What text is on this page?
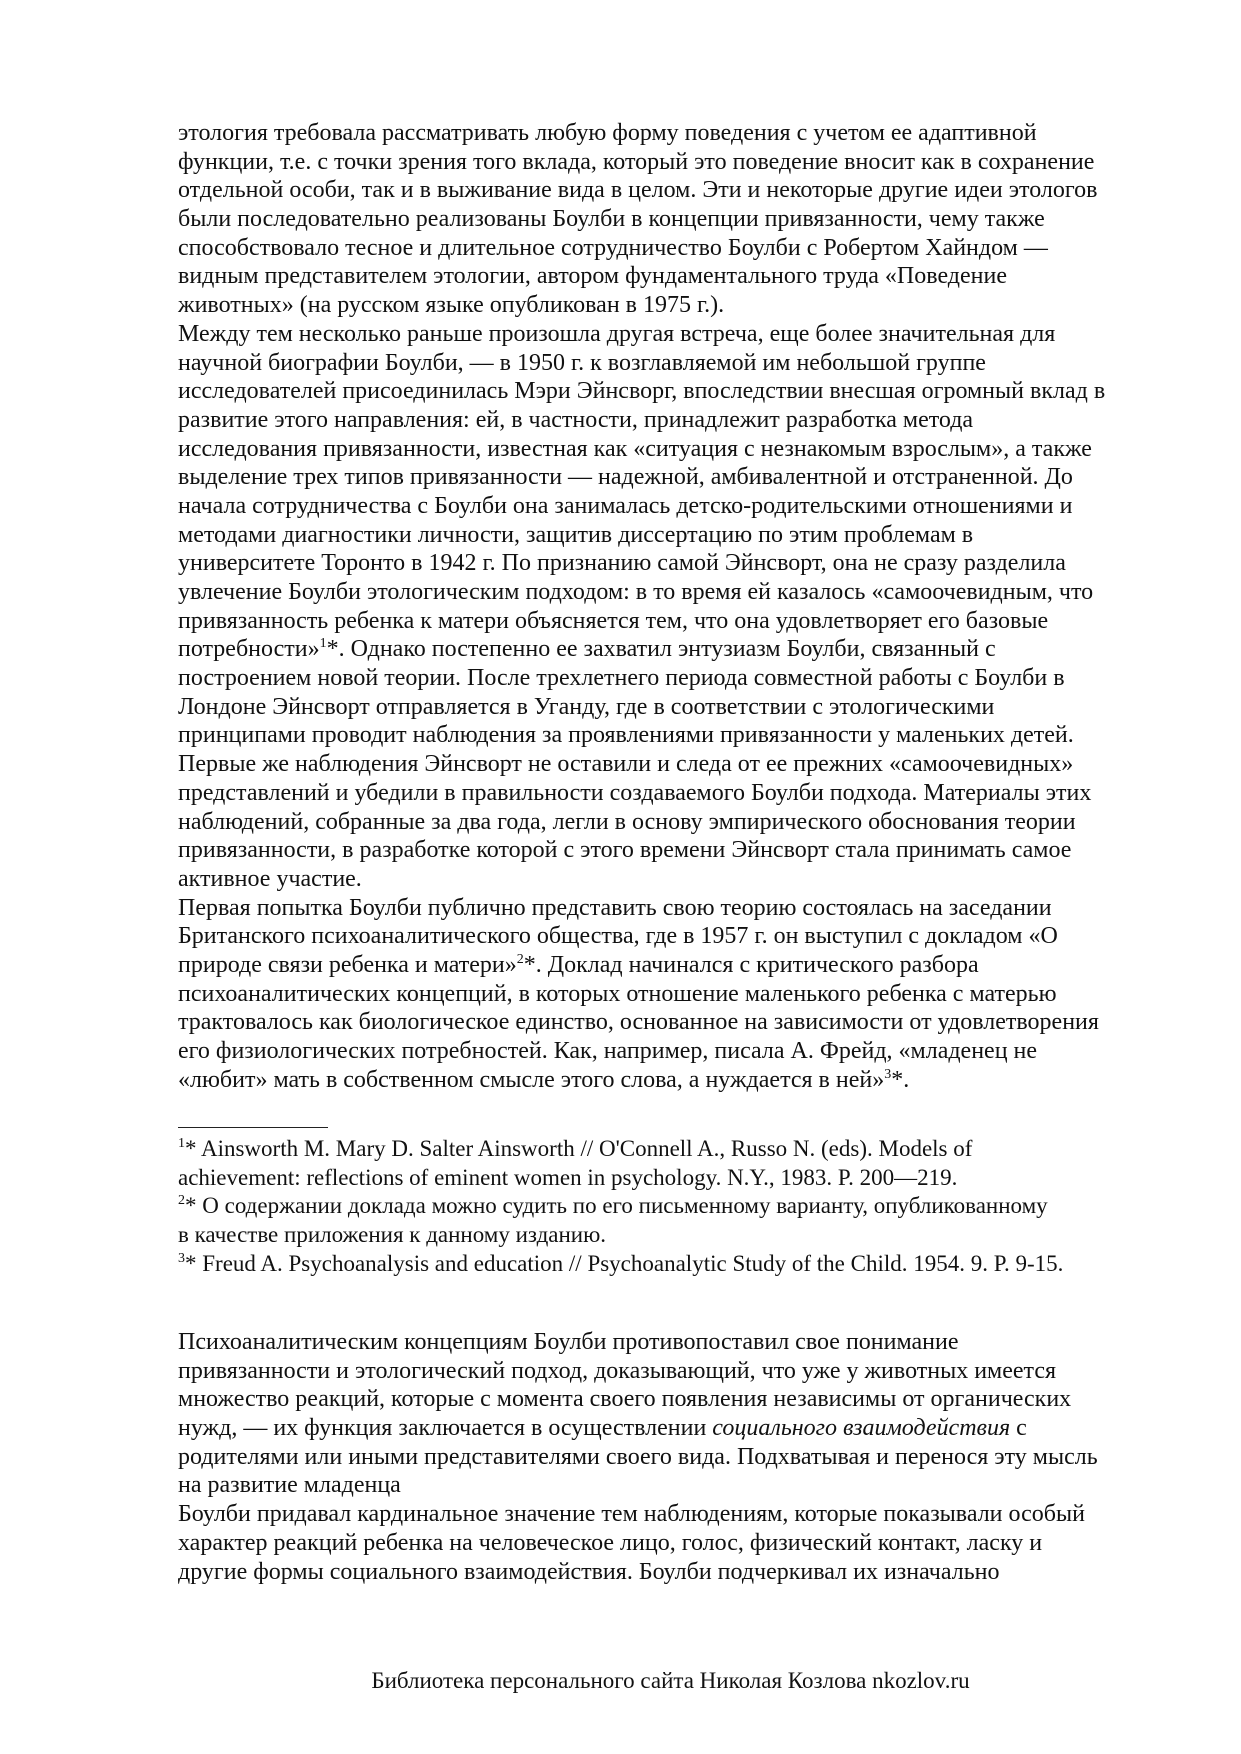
этология требовала рассматривать любую форму поведения с учетом ее адаптивной
функции, т.е. с точки зрения того вклада, который это поведение вносит как в сохранение
отдельной особи, так и в выживание вида в целом. Эти и некоторые другие идеи этологов
были последовательно реализованы Боулби в концепции привязанности, чему также
способствовало тесное и длительное сотрудничество Боулби с Робертом Хайндом —
видным представителем этологии, автором фундаментального труда «Поведение
животных» (на русском языке опубликован в 1975 г.).
Между тем несколько раньше произошла другая встреча, еще более значительная для
научной биографии Боулби, — в 1950 г. к возглавляемой им небольшой группе
исследователей присоединилась Мэри Эйнсворг, впоследствии внесшая огромный вклад в
развитие этого направления: ей, в частности, принадлежит разработка метода
исследования привязанности, известная как «ситуация с незнакомым взрослым», а также
выделение трех типов привязанности — надежной, амбивалентной и отстраненной. До
начала сотрудничества с Боулби она занималась детско-родительскими отношениями и
методами диагностики личности, защитив диссертацию по этим проблемам в
университете Торонто в 1942 г. По признанию самой Эйнсворт, она не сразу разделила
увлечение Боулби этологическим подходом: в то время ей казалось «самоочевидным, что
привязанность ребенка к матери объясняется тем, что она удовлетворяет его базовые
потребности»$^1$*. Однако постепенно ее захватил энтузиазм Боулби, связанный с
построением новой теории. После трехлетнего периода совместной работы с Боулби в
Лондоне Эйнсворт отправляется в Уганду, где в соответствии с этологическими
принципами проводит наблюдения за проявлениями привязанности у маленьких детей.
Первые же наблюдения Эйнсворт не оставили и следа от ее прежних «самоочевидных»
представлений и убедили в правильности создаваемого Боулби подхода. Материалы этих
наблюдений, собранные за два года, легли в основу эмпирического обоснования теории
привязанности, в разработке которой с этого времени Эйнсворт стала принимать самое
активное участие.
Первая попытка Боулби публично представить свою теорию состоялась на заседании
Британского психоаналитического общества, где в 1957 г. он выступил с докладом «О
природе связи ребенка и матери»$^2$*. Доклад начинался с критического разбора
психоаналитических концепций, в которых отношение маленького ребенка с матерью
трактовалось как биологическое единство, основанное на зависимости от удовлетворения
его физиологических потребностей. Как, например, писала А. Фрейд, «младенец не
«любит» мать в собственном смысле этого слова, а нуждается в ней»$^3$*.
$^1$* Ainsworth M. Mary D. Salter Ainsworth // O'Connell A., Russo N. (eds). Models of
achievement: reflections of eminent women in psychology. N.Y., 1983. P. 200—219.
$^2$* О содержании доклада можно судить по его письменному варианту, опубликованному
в качестве приложения к данному изданию.
$^3$* Freud A. Psychoanalysis and education // Psychoanalytic Study of the Child. 1954. 9. P. 9-15.
Психоаналитическим концепциям Боулби противопоставил свое понимание
привязанности и этологический подход, доказывающий, что уже у животных имеется
множество реакций, которые с момента своего появления независимы от органических
нужд, — их функция заключается в осуществлении социального взаимодействия с
родителями или иными представителями своего вида. Подхватывая и перенося эту мысль
на развитие младенца
Боулби придавал кардинальное значение тем наблюдениям, которые показывали особый
характер реакций ребенка на человеческое лицо, голос, физический контакт, ласку и
другие формы социального взаимодействия. Боулби подчеркивал их изначально
Библиотека персонального сайта Николая Козлова nkozlov.ru
